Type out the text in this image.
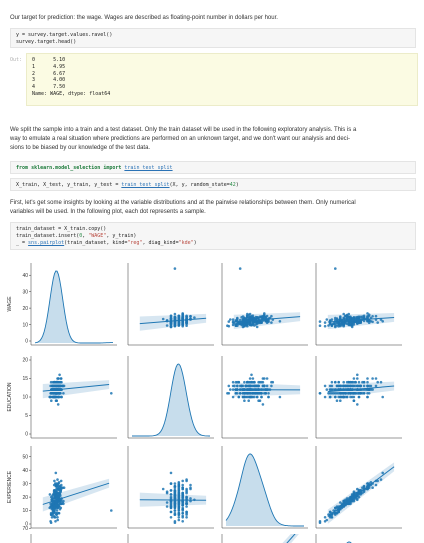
Our target for prediction: the wage. Wages are described as floating-point number in dollars per hour.
y = survey.target.values.ravel()
survey.target.head()
Out: 0      5.10
1      4.95
2      6.67
3      4.00
4      7.50
Name: WAGE, dtype: float64
We split the sample into a train and a test dataset. Only the train dataset will be used in the following exploratory analysis. This is a
way to emulate a real situation where predictions are performed on an unknown target, and we don't want our analysis and deci-
sions to be biased by our knowledge of the test data.
from sklearn.model_selection import train_test_split
X_train, X_test, y_train, y_test = train_test_split(X, y, random_state=42)
First, let's get some insights by looking at the variable distributions and at the pairwise relationships between them. Only numerical
variables will be used. In the following plot, each dot represents a sample.
train_dataset = X_train.copy()
train_dataset.insert(0, "WAGE", y_train)
_ = sns.pairplot(train_dataset, kind="reg", diag_kind="kde")
40
30
20
10
0
WAGE
20
15
10
5
0
EDUCATION
50
40
30
20
10
0
EXPERIENCE
70
